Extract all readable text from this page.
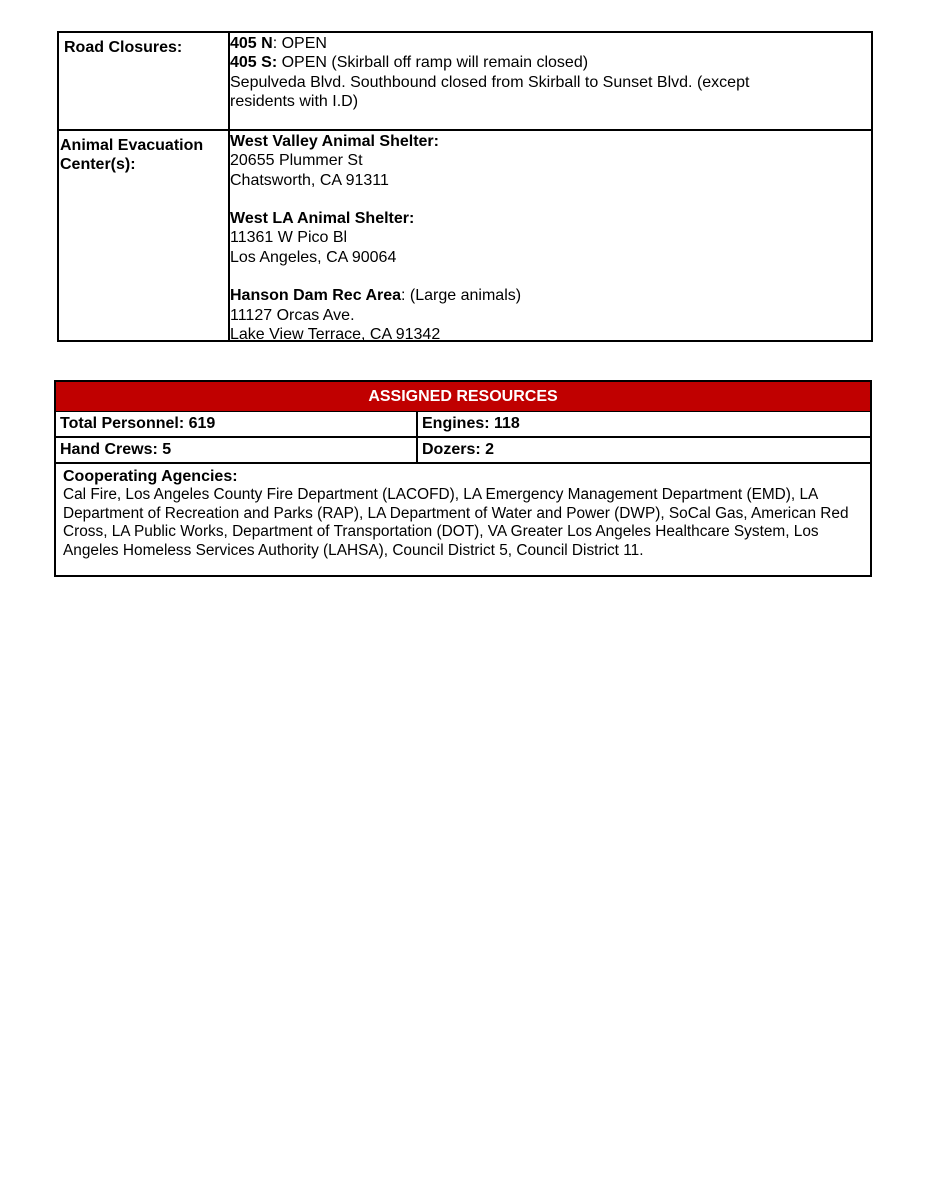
Road Closures:	405 N: OPEN
405 S: OPEN (Skirball off ramp will remain closed)
Sepulveda Blvd. Southbound closed from Skirball to Sunset Blvd. (except residents with I.D)
Animal Evacuation Center(s):
West Valley Animal Shelter:
20655 Plummer St
Chatsworth, CA 91311
West LA Animal Shelter:
11361 W Pico Bl
Los Angeles, CA 90064
Hanson Dam Rec Area: (Large animals)
11127 Orcas Ave.
Lake View Terrace, CA 91342
ASSIGNED RESOURCES
Total Personnel: 619	Engines: 118
Hand Crews: 5	Dozers: 2
Cooperating Agencies:
Cal Fire, Los Angeles County Fire Department (LACOFD), LA Emergency Management Department (EMD), LA Department of Recreation and Parks (RAP), LA Department of Water and Power (DWP), SoCal Gas, American Red Cross, LA Public Works, Department of Transportation (DOT), VA Greater Los Angeles Healthcare System, Los Angeles Homeless Services Authority (LAHSA), Council District 5, Council District 11.
